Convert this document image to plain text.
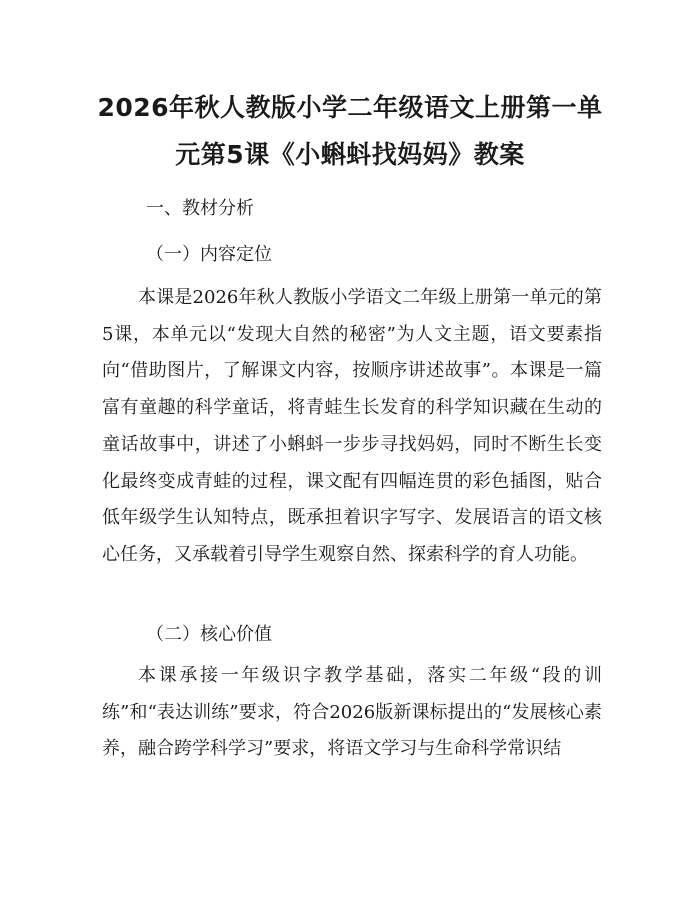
2026年秋人教版小学二年级语文上册第一单
元第5课《小蝌蚪找妈妈》教案
一、教材分析
（一）内容定位
本课是2026年秋人教版小学语文二年级上册第一单元的第5课，本单元以“发现大自然的秘密”为人文主题，语文要素指向“借助图片，了解课文内容，按顺序讲述故事”。本课是一篇富有童趣的科学童话，将青蛙生长发育的科学知识藏在生动的童话故事中，讲述了小蝌蚪一步步寻找妈妈，同时不断生长变化最终变成青蛙的过程，课文配有四幅连贯的彩色插图，贴合低年级学生认知特点，既承担着识字写字、发展语言的语文核心任务，又承载着引导学生观察自然、探索科学的育人功能。
（二）核心价值
本课承接一年级识字教学基础，落实二年级“段的训练”和“表达训练”要求，符合2026版新课标提出的“发展核心素养，融合跨学科学习”要求，将语文学习与生命科学常识结
